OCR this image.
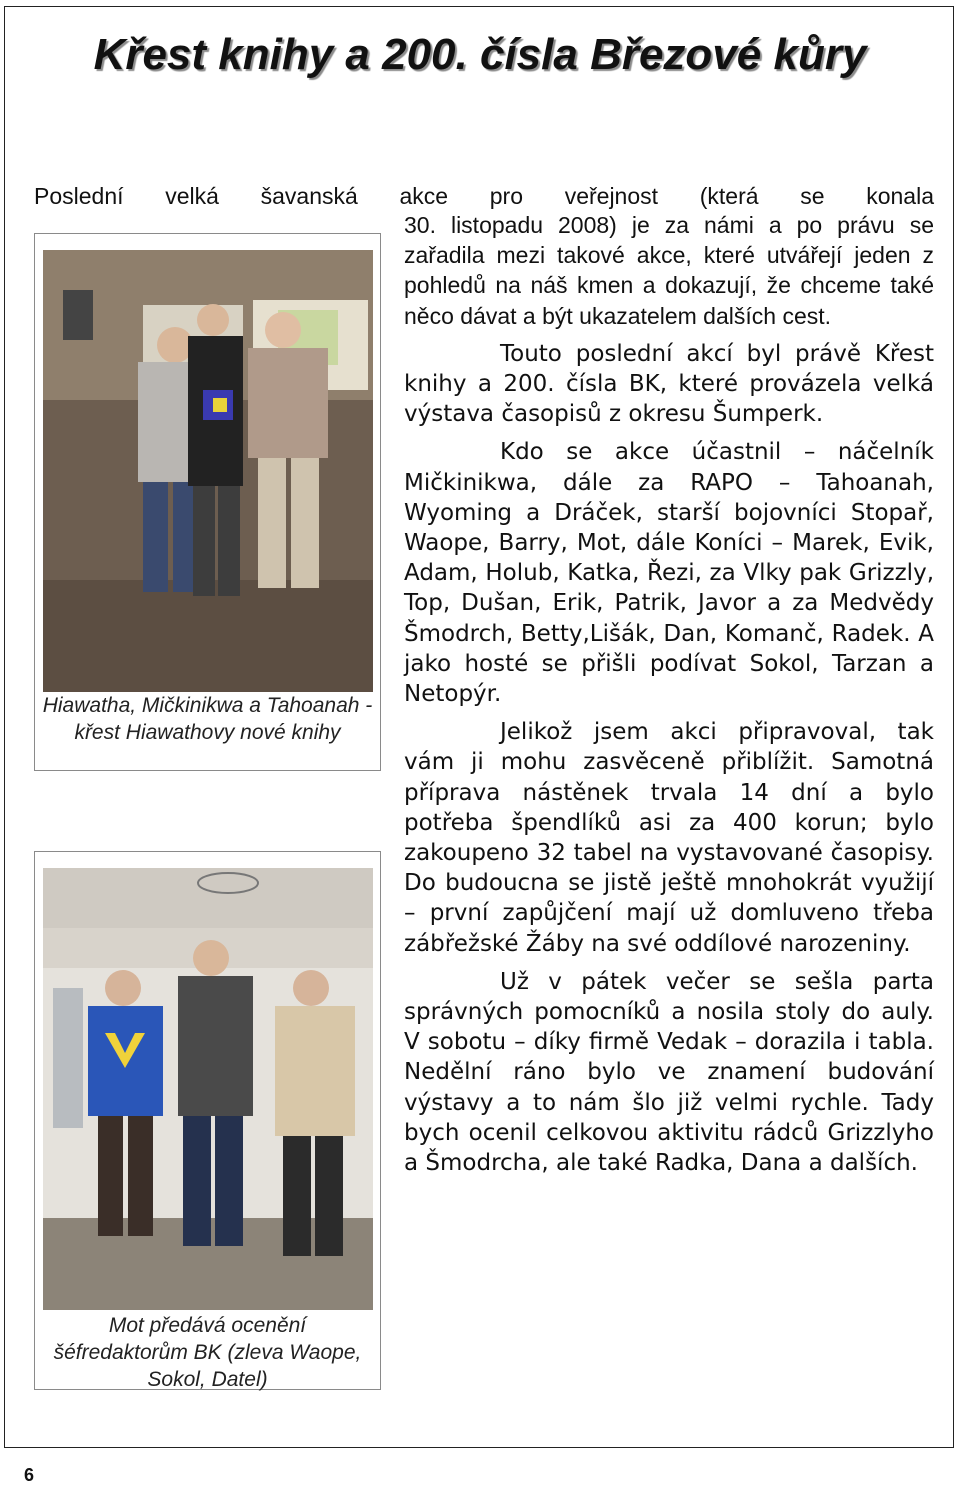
Křest knihy a 200. čísla Březové kůry
Poslední velká šavanská akce pro veřejnost (která se konala

30. listopadu 2008) je za námi a po právu se zařadila mezi takové akce, které utvářejí jeden z pohledů na náš kmen a dokazují, že chceme také něco dávat a být ukazatelem dalších cest.

Touto poslední akcí byl právě Křest knihy a 200. čísla BK, které provázela velká výstava časopisů z okresu Šumperk.

Kdo se akce účastnil – náčelník Mičkinikwa, dále za RAPO – Tahoanah, Wyoming a Dráček, starší bojovníci Stopař, Waope, Barry, Mot, dále Koníci – Marek, Evik, Adam, Holub, Katka, Řezi, za Vlky pak Grizzly, Top, Dušan, Erik, Patrik, Javor a za Medvědy Šmodrch, Betty,Lišák, Dan, Komanč, Radek. A jako hosté se přišli podívat Sokol, Tarzan a Netopýr.

Jelikož jsem akci připravoval, tak vám ji mohu zasvěceně přiblížit. Samotná příprava nástěnek trvala 14 dní a bylo potřeba špendlíků asi za 400 korun; bylo zakoupeno 32 tabel na vystavované časopisy. Do budoucna se jistě ještě mnohokrát využijí – první zapůjčení mají už domluveno třeba zábřežské Žáby na své oddílové narozeniny.

Už v pátek večer se sešla parta správných pomocníků a nosila stoly do auly. V sobotu – díky firmě Vedak – dorazila i tabla. Nedělní ráno bylo ve znamení budování výstavy a to nám šlo již velmi rychle. Tady bych ocenil celkovou aktivitu rádců Grizzlyho a Šmodrcha, ale také Radka, Dana a dalších.

Hiawatha, Mičkinikwa a Tahoanah - křest Hiawathovy nové knihy
Mot předává ocenění šéfredaktorům BK (zleva Waope, Sokol, Datel)
6
